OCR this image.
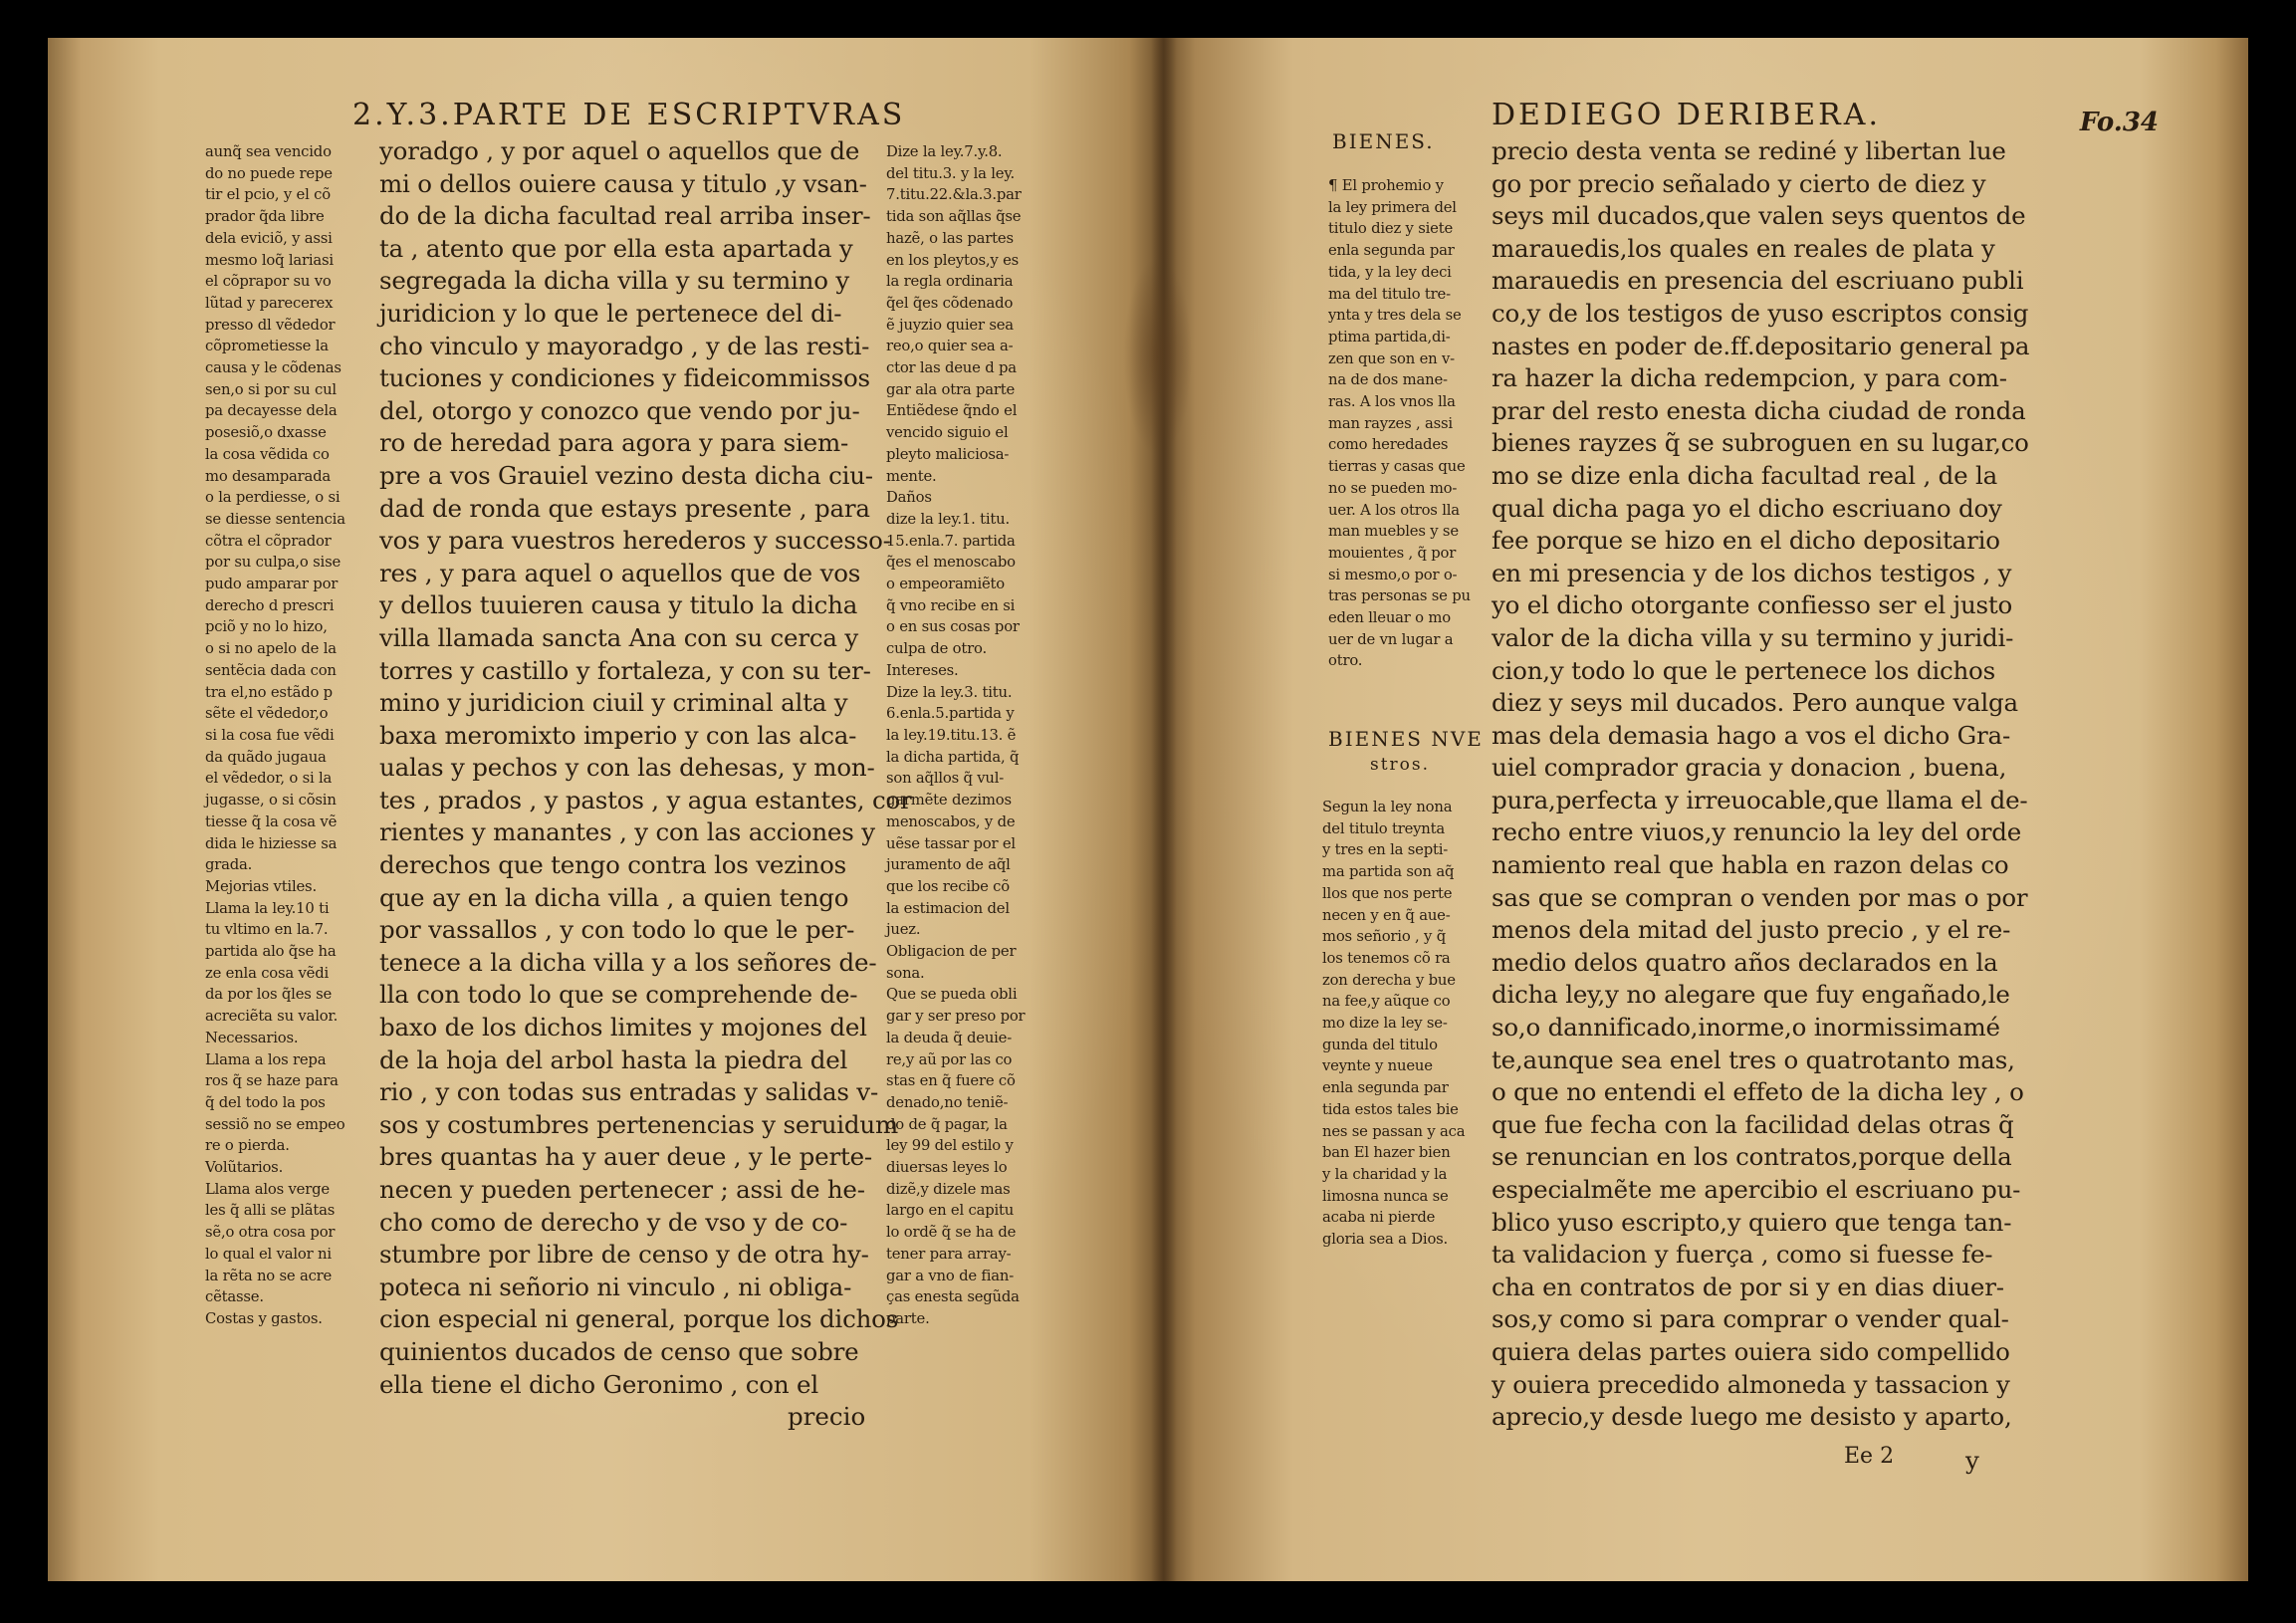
2.Y.3.PARTE DE ESCRIPTVRAS
aunq̃ sea vencido
do no puede repe
tir el pcio, y el cõ
prador q̃da libre
dela eviciõ, y assi
mesmo loq̃ lariasi
el cõprapor su vo
lũtad y parecerex
presso dl vẽdedor
cõprometiesse la
causa y le cõdenas
sen,o si por su cul
pa decayesse dela
posesiõ,o dxasse
la cosa vẽdida co
mo desamparada
o la perdiesse, o si
se diesse sentencia
cõtra el cõprador
por su culpa,o sise
pudo amparar por
derecho d prescri
pciõ y no lo hizo,
o si no apelo de la
sentẽcia dada con
tra el,no estãdo p
sẽte el vẽdedor,o
si la cosa fue vẽdi
da quãdo jugaua
el vẽdedor, o si la
jugasse, o si cõsin
tiesse q̃ la cosa vẽ
dida le hiziesse sa
grada.
Mejorias vtiles.
Llama la ley.10 ti
tu vltimo en la.7.
partida alo q̃se ha
ze enla cosa vẽdi
da por los q̃les se
acreciẽta su valor.
Necessarios.
Llama a los repa
ros q̃ se haze para
q̃ del todo la pos
sessiõ no se empeo
re o pierda.
Volũtarios.
Llama alos verge
les q̃ alli se plãtas
sẽ,o otra cosa por
lo qual el valor ni
la rẽta no se acre
cẽtasse.
Costas y gastos.
yoradgo , y por aquel o aquellos que de
mi o dellos ouiere causa y titulo ,y vsan-
do de la dicha facultad real arriba inser-
ta , atento que por ella esta apartada y
segregada la dicha villa y su termino y
juridicion y lo que le pertenece del di-
cho vinculo y mayoradgo , y de las resti-
tuciones y condiciones y fideicommissos
del, otorgo y conozco que vendo por ju-
ro de heredad para agora y para siem-
pre a vos Grauiel vezino desta dicha ciu-
dad de ronda que estays presente , para
vos y para vuestros herederos y successo-
res , y para aquel o aquellos que de vos
y dellos tuuieren causa y titulo la dicha
villa llamada sancta Ana con su cerca y
torres y castillo y fortaleza, y con su ter-
mino y juridicion ciuil y criminal alta y
baxa meromixto imperio y con las alca-
ualas y pechos y con las dehesas, y mon-
tes , prados , y pastos , y agua estantes, cor
rientes y manantes , y con las acciones y
derechos que tengo contra los vezinos
que ay en la dicha villa , a quien tengo
por vassallos , y con todo lo que le per-
tenece a la dicha villa y a los señores de-
lla con todo lo que se comprehende de-
baxo de los dichos limites y mojones del
de la hoja del arbol hasta la piedra del
rio , y con todas sus entradas y salidas v-
sos y costumbres pertenencias y seruidum
bres quantas ha y auer deue , y le perte-
necen y pueden pertenecer ; assi de he-
cho como de derecho y de vso y de co-
stumbre por libre de censo y de otra hy-
poteca ni señorio ni vinculo , ni obliga-
cion especial ni general, porque los dichos
quinientos ducados de censo que sobre
ella tiene el dicho Geronimo , con el
precio
Dize la ley.7.y.8.
del titu.3. y la ley.
7.titu.22.&la.3.par
tida son aq̃llas q̃se
hazẽ, o las partes
en los pleytos,y es
la regla ordinaria
q̃el q̃es cõdenado
ẽ juyzio quier sea
reo,o quier sea a-
ctor las deue d pa
gar ala otra parte
Entiẽdese q̃ndo el
vencido siguio el
pleyto maliciosa-
mente.
Daños
dize la ley.1. titu.
15.enla.7. partida
q̃es el menoscabo
o empeoramiẽto
q̃ vno recibe en si
o en sus cosas por
culpa de otro.
Intereses.
Dize la ley.3. titu.
6.enla.5.partida y
la ley.19.titu.13. ẽ
la dicha partida, q̃
son aq̃llos q̃ vul-
garmẽte dezimos
menoscabos, y de
uẽse tassar por el
juramento de aq̃l
que los recibe cõ
la estimacion del
juez.
Obligacion de per
sona.
Que se pueda obli
gar y ser preso por
la deuda q̃ deuie-
re,y aũ por las co
stas en q̃ fuere cõ
denado,no teniẽ-
do de q̃ pagar, la
ley 99 del estilo y
diuersas leyes lo
dizẽ,y dizele mas
largo en el capitu
lo ordẽ q̃ se ha de
tener para array-
gar a vno de fian-
ças enesta segũda
parte.
DEDIEGO DERIBERA.	Fo.34
BIENES.
¶ El prohemio y
la ley primera del
titulo diez y siete
enla segunda par
tida, y la ley deci
ma del titulo tre-
ynta y tres dela se
ptima partida,di-
zen que son en v-
na de dos mane-
ras. A los vnos lla
man rayzes , assi
como heredades
tierras y casas que
no se pueden mo-
uer. A los otros lla
man muebles y se
mouientes , q̃ por
si mesmo,o por o-
tras personas se pu
eden lleuar o mo
uer de vn lugar a
otro.
BIENES NVE
stros.
Segun la ley nona
del titulo treynta
y tres en la septi-
ma partida son aq̃
llos que nos perte
necen y en q̃ aue-
mos señorio , y q̃
los tenemos cõ ra
zon derecha y bue
na fee,y aũque co
mo dize la ley se-
gunda del titulo
veynte y nueue
enla segunda par
tida estos tales bie
nes se passan y aca
ban El hazer bien
y la charidad y la
limosna nunca se
acaba ni pierde
gloria sea a Dios.
precio desta venta se rediné y libertan lue
go por precio señalado y cierto de diez y
seys mil ducados,que valen seys quentos de
marauedis,los quales en reales de plata y
marauedis en presencia del escriuano publi
co,y de los testigos de yuso escriptos consig
nastes en poder de.ff.depositario general pa
ra hazer la dicha redempcion, y para com-
prar del resto enesta dicha ciudad de ronda
bienes rayzes q̃ se subroguen en su lugar,co
mo se dize enla dicha facultad real , de la
qual dicha paga yo el dicho escriuano doy
fee porque se hizo en el dicho depositario
en mi presencia y de los dichos testigos , y
yo el dicho otorgante confiesso ser el justo
valor de la dicha villa y su termino y juridi-
cion,y todo lo que le pertenece los dichos
diez y seys mil ducados. Pero aunque valga
mas dela demasia hago a vos el dicho Gra-
uiel comprador gracia y donacion , buena,
pura,perfecta y irreuocable,que llama el de-
recho entre viuos,y renuncio la ley del orde
namiento real que habla en razon delas co
sas que se compran o venden por mas o por
menos dela mitad del justo precio , y el re-
medio delos quatro años declarados en la
dicha ley,y no alegare que fuy engañado,le
so,o dannificado,inorme,o inormissimamé
te,aunque sea enel tres o quatrotanto mas,
o que no entendi el effeto de la dicha ley , o
que fue fecha con la facilidad delas otras q̃
se renuncian en los contratos,porque della
especialmẽte me apercibio el escriuano pu-
blico yuso escripto,y quiero que tenga tan-
ta validacion y fuerça , como si fuesse fe-
cha en contratos de por si y en dias diuer-
sos,y como si para comprar o vender qual-
quiera delas partes ouiera sido compellido
y ouiera precedido almoneda y tassacion y
aprecio,y desde luego me desisto y aparto,
Ee 2	y
